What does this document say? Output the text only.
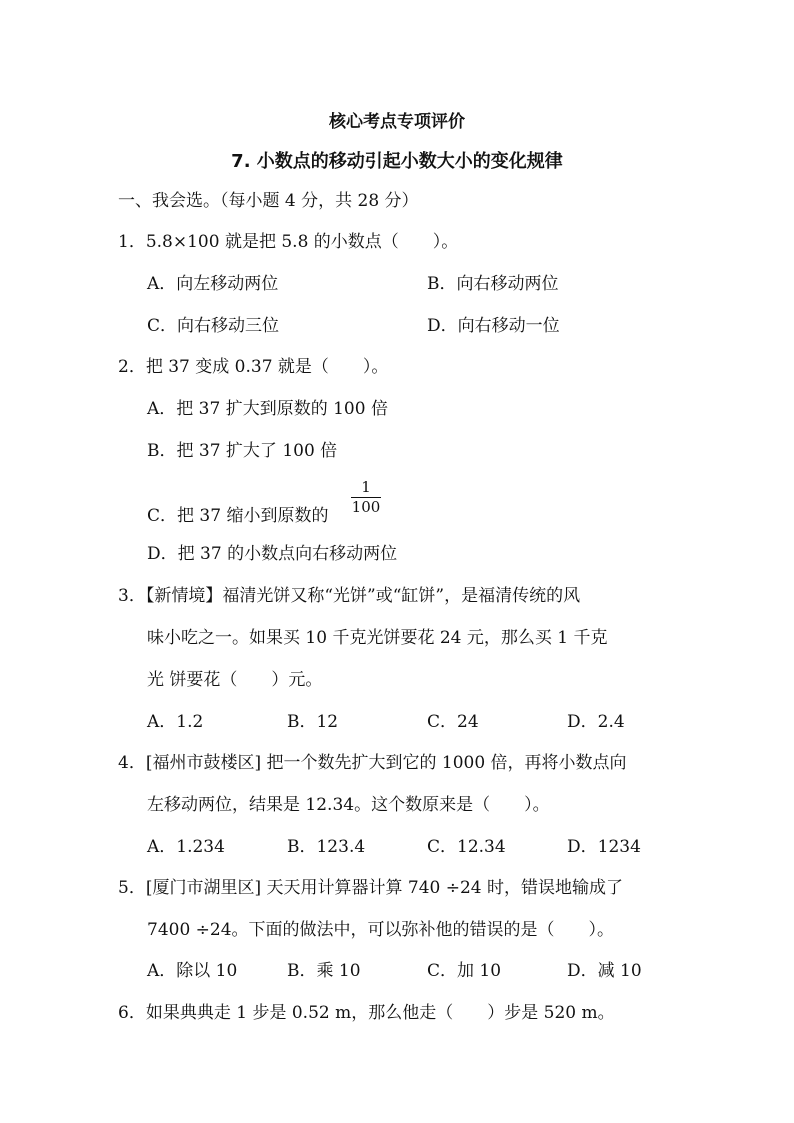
核心考点专项评价
7. 小数点的移动引起小数大小的变化规律
一、我会选。（每小题 4 分，共 28 分）
1．5.8×100 就是把 5.8 的小数点（　　）。
A．向左移动两位	B．向右移动两位
C．向右移动三位	D．向右移动一位
2．把 37 变成 0.37 就是（　　）。
A．把 37 扩大到原数的 100 倍
B．把 37 扩大了 100 倍
C．把 37 缩小到原数的
1
100
D．把 37 的小数点向右移动两位
3．【新情境】福清光饼又称“光饼”或“缸饼”，是福清传统的风
味小吃之一。如果买 10 千克光饼要花 24 元，那么买 1 千克
光 饼要花（　　）元。
A．1.2	B．12	C．24	D．2.4
4．[福州市鼓楼区] 把一个数先扩大到它的 1000 倍，再将小数点向
左移动两位，结果是 12.34。这个数原来是（　　）。
A．1.234	B．123.4	C．12.34	D．1234
5．[厦门市湖里区] 天天用计算器计算 740 ÷24 时，错误地输成了
7400 ÷24。下面的做法中，可以弥补他的错误的是（　　）。
A．除以 10	B．乘 10	C．加 10	D．减 10
6．如果典典走 1 步是 0.52 m，那么他走（　　）步是 520 m。
